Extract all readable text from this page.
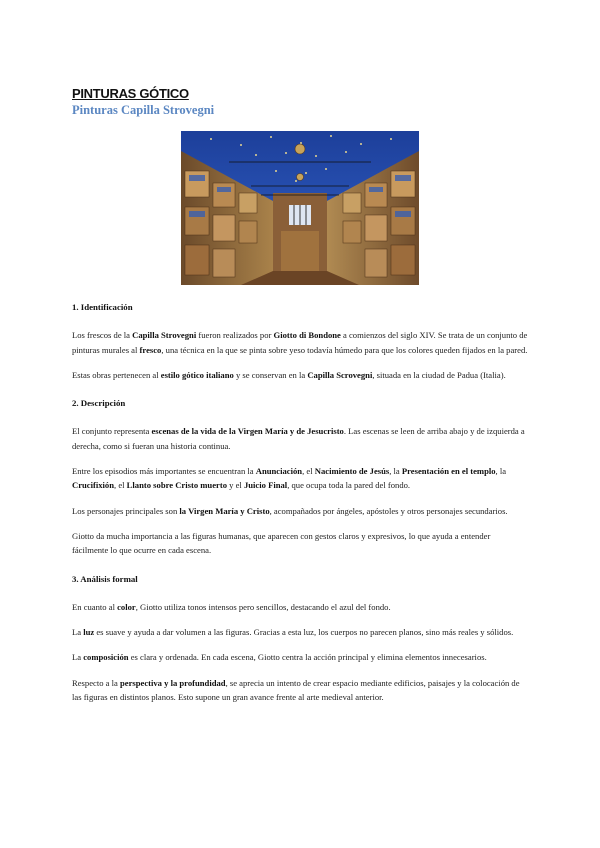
PINTURAS GÓTICO
Pinturas Capilla Strovegni
1. Identificación

Los frescos de la Capilla Strovegni fueron realizados por Giotto di Bondone a comienzos del siglo XIV. Se trata de un conjunto de pinturas murales al fresco, una técnica en la que se pinta sobre yeso todavía húmedo para que los colores queden fijados en la pared.

Estas obras pertenecen al estilo gótico italiano y se conservan en la Capilla Scrovegni, situada en la ciudad de Padua (Italia).

2. Descripción

El conjunto representa escenas de la vida de la Virgen María y de Jesucristo. Las escenas se leen de arriba abajo y de izquierda a derecha, como si fueran una historia continua.

Entre los episodios más importantes se encuentran la Anunciación, el Nacimiento de Jesús, la Presentación en el templo, la Crucifixión, el Llanto sobre Cristo muerto y el Juicio Final, que ocupa toda la pared del fondo.

Los personajes principales son la Virgen María y Cristo, acompañados por ángeles, apóstoles y otros personajes secundarios.

Giotto da mucha importancia a las figuras humanas, que aparecen con gestos claros y expresivos, lo que ayuda a entender fácilmente lo que ocurre en cada escena.

3. Análisis formal

En cuanto al color, Giotto utiliza tonos intensos pero sencillos, destacando el azul del fondo.

La luz es suave y ayuda a dar volumen a las figuras. Gracias a esta luz, los cuerpos no parecen planos, sino más reales y sólidos.

La composición es clara y ordenada. En cada escena, Giotto centra la acción principal y elimina elementos innecesarios.

Respecto a la perspectiva y la profundidad, se aprecia un intento de crear espacio mediante edificios, paisajes y la colocación de las figuras en distintos planos. Esto supone un gran avance frente al arte medieval anterior.
